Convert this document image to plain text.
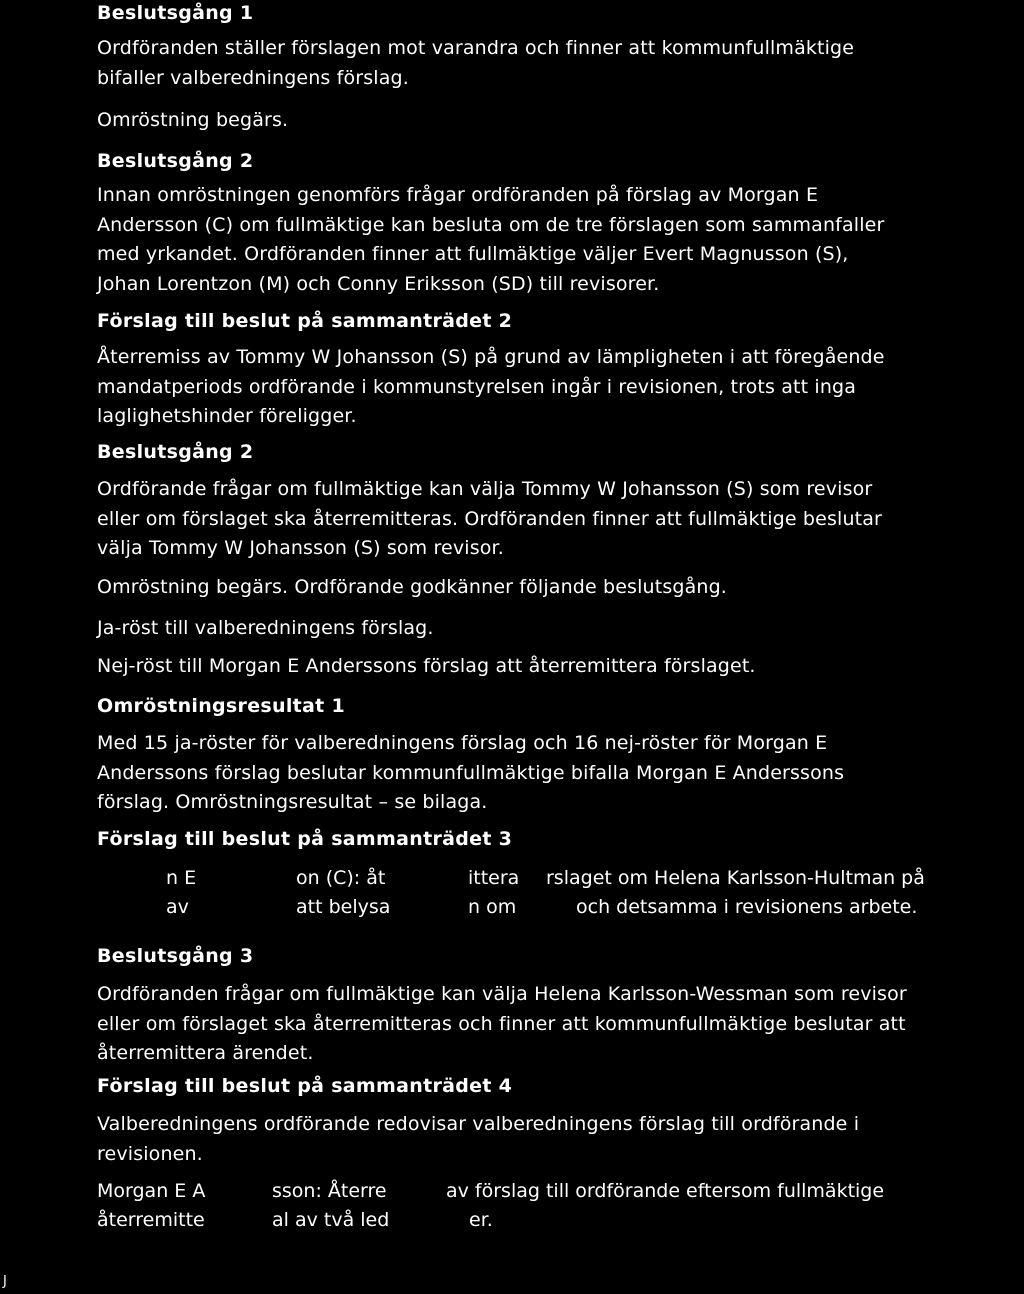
Beslutsgång 1
Ordföranden ställer förslagen mot varandra och finner att kommunfullmäktige
bifaller valberedningens förslag.
Omröstning begärs.
Beslutsgång 2
Innan omröstningen genomförs frågar ordföranden på förslag av Morgan E
Andersson (C) om fullmäktige kan besluta om de tre förslagen som sammanfaller
med yrkandet. Ordföranden finner att fullmäktige väljer Evert Magnusson (S),
Johan Lorentzon (M) och Conny Eriksson (SD) till revisorer.
Förslag till beslut på sammanträdet 2
Återremiss av Tommy W Johansson (S) på grund av lämpligheten i att föregående
mandatperiods ordförande i kommunstyrelsen ingår i revisionen, trots att inga
laglighetshinder föreligger.
Beslutsgång 2
Ordförande frågar om fullmäktige kan välja Tommy W Johansson (S) som revisor
eller om förslaget ska återremitteras. Ordföranden finner att fullmäktige beslutar
välja Tommy W Johansson (S) som revisor.
Omröstning begärs. Ordförande godkänner följande beslutsgång.
Ja-röst till valberedningens förslag.
Nej-röst till Morgan E Anderssons förslag att återremittera förslaget.
Omröstningsresultat 1
Med 15 ja-röster för valberedningens förslag och 16 nej-röster för Morgan E
Anderssons förslag beslutar kommunfullmäktige bifalla Morgan E Anderssons
förslag. Omröstningsresultat – se bilaga.
Förslag till beslut på sammanträdet 3
n E	on (C): åt	ittera rslaget om Helena Karlsson-Hultman på
av	att belysa	n om	och detsamma i revisionens arbete.
Beslutsgång 3
Ordföranden frågar om fullmäktige kan välja Helena Karlsson-Wessman som revisor
eller om förslaget ska återremitteras och finner att kommunfullmäktige beslutar att
återremittera ärendet.
Förslag till beslut på sammanträdet 4
Valberedningens ordförande redovisar valberedningens förslag till ordförande i
revisionen.
Morgan E A	sson: Återre	av förslag till ordförande eftersom fullmäktige
återremitte	al av två led	er.
J
